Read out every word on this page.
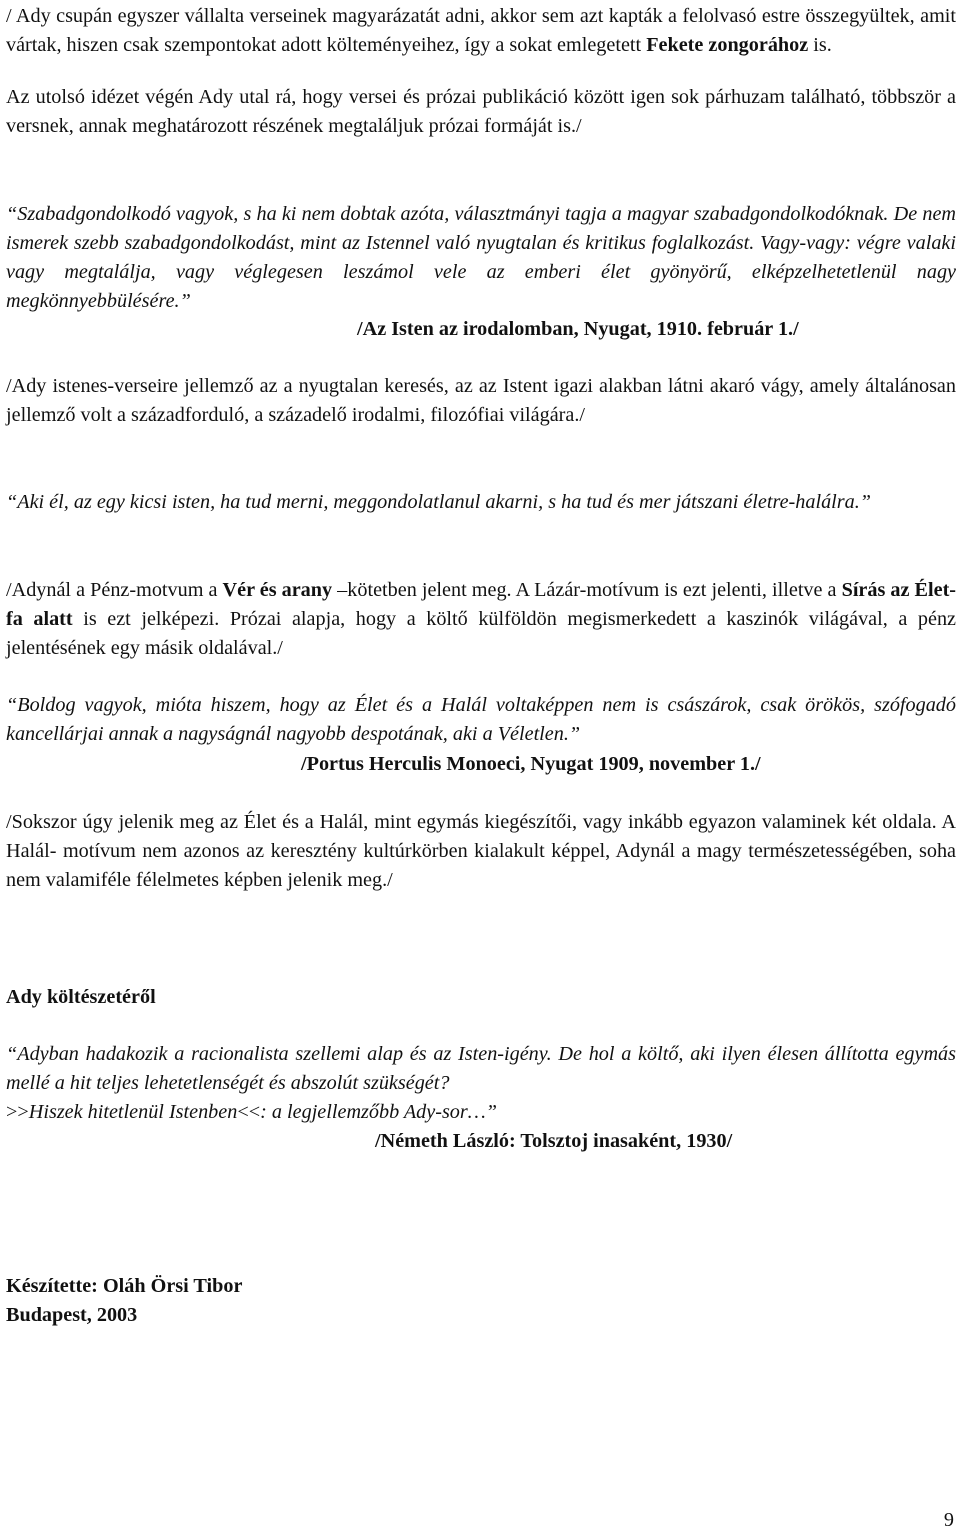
/ Ady csupán egyszer vállalta verseinek magyarázatát adni, akkor sem azt kapták a felolvasó estre összegyültek, amit vártak, hiszen csak szempontokat adott költeményeihez, így a sokat emlegetett Fekete zongorához is.

Az utolsó idézet végén Ady utal rá, hogy versei és prózai publikáció között igen sok párhuzam található, többször a versnek, annak meghatározott részének megtaláljuk prózai formáját is./

“Szabadgondolkodó vagyok, s ha ki nem dobtak azóta, választmányi tagja a magyar szabadgondolkodóknak. De nem ismerek szebb szabadgondolkodást, mint az Istennel való nyugtalan és kritikus foglalkozást. Vagy-vagy: végre valaki vagy megtalálja, vagy véglegesen leszámol vele az emberi élet gyönyörű, elképzelhetetlenül nagy megkönnyebbülésére.”

/Az Isten az irodalomban, Nyugat, 1910. február 1./

/Ady istenes-verseire jellemző az a nyugtalan keresés, az az Istent igazi alakban látni akaró vágy, amely általánosan jellemző volt a századforduló, a századelő irodalmi, filozófiai világára./

“Aki él, az egy kicsi isten, ha tud merni, meggondolatlanul akarni, s ha tud és mer játszani életre-halálra.”

/Adynál a Pénz-motvum a Vér és arany –kötetben jelent meg. A Lázár-motívum is ezt jelenti, illetve a Sírás az Élet-fa alatt is ezt jelképezi. Prózai alapja, hogy a költő külföldön megismerkedett a kaszinók világával, a pénz jelentésének egy másik oldalával./

“Boldog vagyok, mióta hiszem, hogy az Élet és a Halál voltaképpen nem is császárok, csak örökös, szófogadó kancellárjai annak a nagyságnál nagyobb despotának, aki a Véletlen.”

/Portus Herculis Monoeci, Nyugat 1909, november 1./

/Sokszor úgy jelenik meg az Élet és a Halál, mint egymás kiegészítői, vagy inkább egyazon valaminek két oldala. A Halál- motívum nem azonos az keresztény kultúrkörben kialakult képpel, Adynál a magy természetességében, soha nem valamiféle félelmetes képben jelenik meg./

Ady költészetéről

“Adyban hadakozik a racionalista szellemi alap és az Isten-igény. De hol a költő, aki ilyen élesen állította egymás mellé a hit teljes lehetetlenségét és abszolút szükségét?
>>Hiszek hitetlenül Istenben<<: a legjellemzőbb Ady-sor…”

/Németh László: Tolsztoj inasaként, 1930/
Készítette: Oláh Örsi Tibor
Budapest, 2003
9
